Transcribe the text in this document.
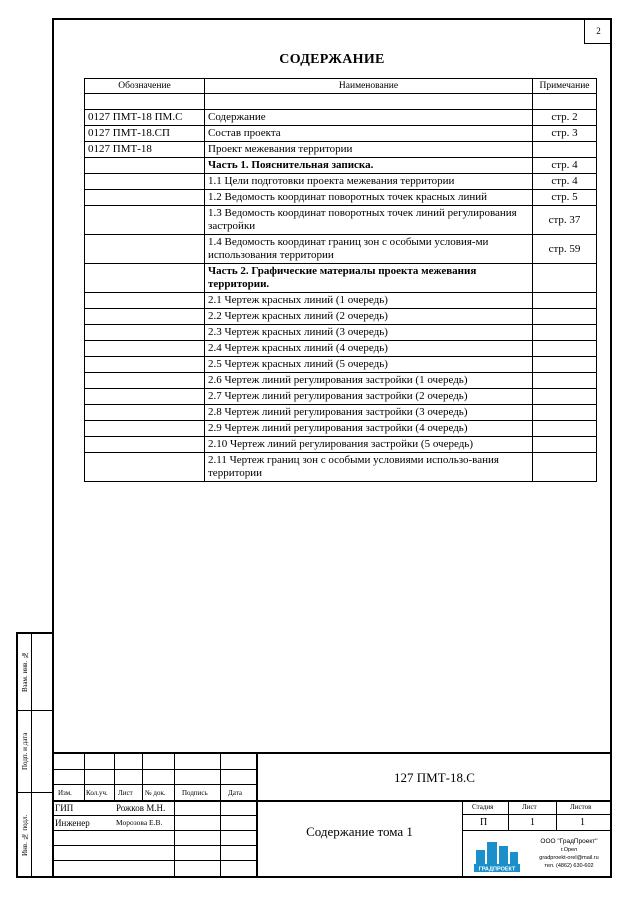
2
СОДЕРЖАНИЕ
Обозначение	Наименование	Примечание

0127 ПМТ-18 ПМ.С	Содержание	стр. 2
0127 ПМТ-18.СП	Состав проекта	стр. 3
0127 ПМТ-18	Проект межевания территории	
	Часть 1. Пояснительная записка.	стр. 4
	1.1 Цели подготовки проекта межевания территории	стр. 4
	1.2 Ведомость координат поворотных точек красных линий	стр. 5
	1.3 Ведомость координат поворотных точек линий регулирования застройки	стр. 37
	1.4 Ведомость координат границ зон с особыми условия-ми использования территории	стр. 59
	Часть 2. Графические материалы проекта межевания территории.	
	2.1 Чертеж красных линий (1 очередь)	
	2.2 Чертеж красных линий (2 очередь)	
	2.3 Чертеж красных линий (3 очередь)	
	2.4 Чертеж красных линий (4 очередь)	
	2.5 Чертеж красных линий (5 очередь)	
	2.6 Чертеж линий регулирования застройки (1 очередь)	
	2.7 Чертеж линий регулирования застройки (2 очередь)	
	2.8 Чертеж линий регулирования застройки (3 очередь)	
	2.9 Чертеж линий регулирования застройки (4 очередь)	
	2.10 Чертеж линий регулирования застройки (5 очередь)	
	2.11 Чертеж границ зон с особыми условиями использо-вания территории	
Взам. инв. №
Подп. и дата
Инв. № подл.
Изм. Кол.уч. Лист № док. Подпись	Дата
ГИП	Рожков М.Н.
Инженер	Морозова Е.В.
127 ПМТ-18.С
Содержание тома 1
Стадия	Лист	Листов
П	1	1
ГРАДПРОЕКТ
ООО "ГрадПроект"
г.Орел
gradproekt-orel@mail.ru
тел. (4862) 630-602
